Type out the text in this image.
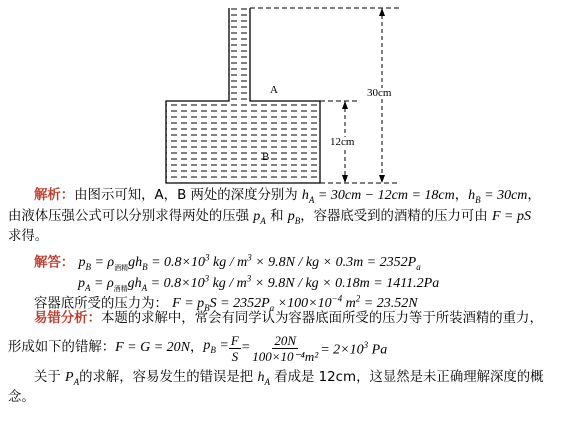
A
B
12cm
30cm
解析：由图示可知，A，B 两处的深度分别为 $h_A = 30cm - 12cm = 18cm$，$h_B = 30cm$，
由液体压强公式可以分别求得两处的压强 $p_A$ 和 $p_B$，容器底受到的酒精的压力可由 F = pS
求得。
解答： $p_B = \rho_{酒精}gh_B = 0.8\times 10^3$ kg / $m^3 \times 9.8N$ / kg × $0.3m = 2352P_a$
$p_A = \rho_{酒精}gh_A = 0.8\times 10^3$ kg / $m^3 \times 9.8N$ / kg × 0.18m = 1411.2Pa
容器底所受的压力为： $F = p_BS = 2352P_a \times 100\times 10^{-4}$ $m^2 = 23.52N$
易错分析：本题的求解中，常会有同学认为容器底面所受的压力等于所装酒精的重力，
形成如下的错解： F = G = 20N ， $p_B = \frac{F}{S} = \frac{20N}{\text{100×10⁻⁴m²}} = 2\times 10^3$ Pa
关于 $P_A$的求解，容易发生的错误是把 $h_A$ 看成是 12cm，这显然是未正确理解深度的概
念。
